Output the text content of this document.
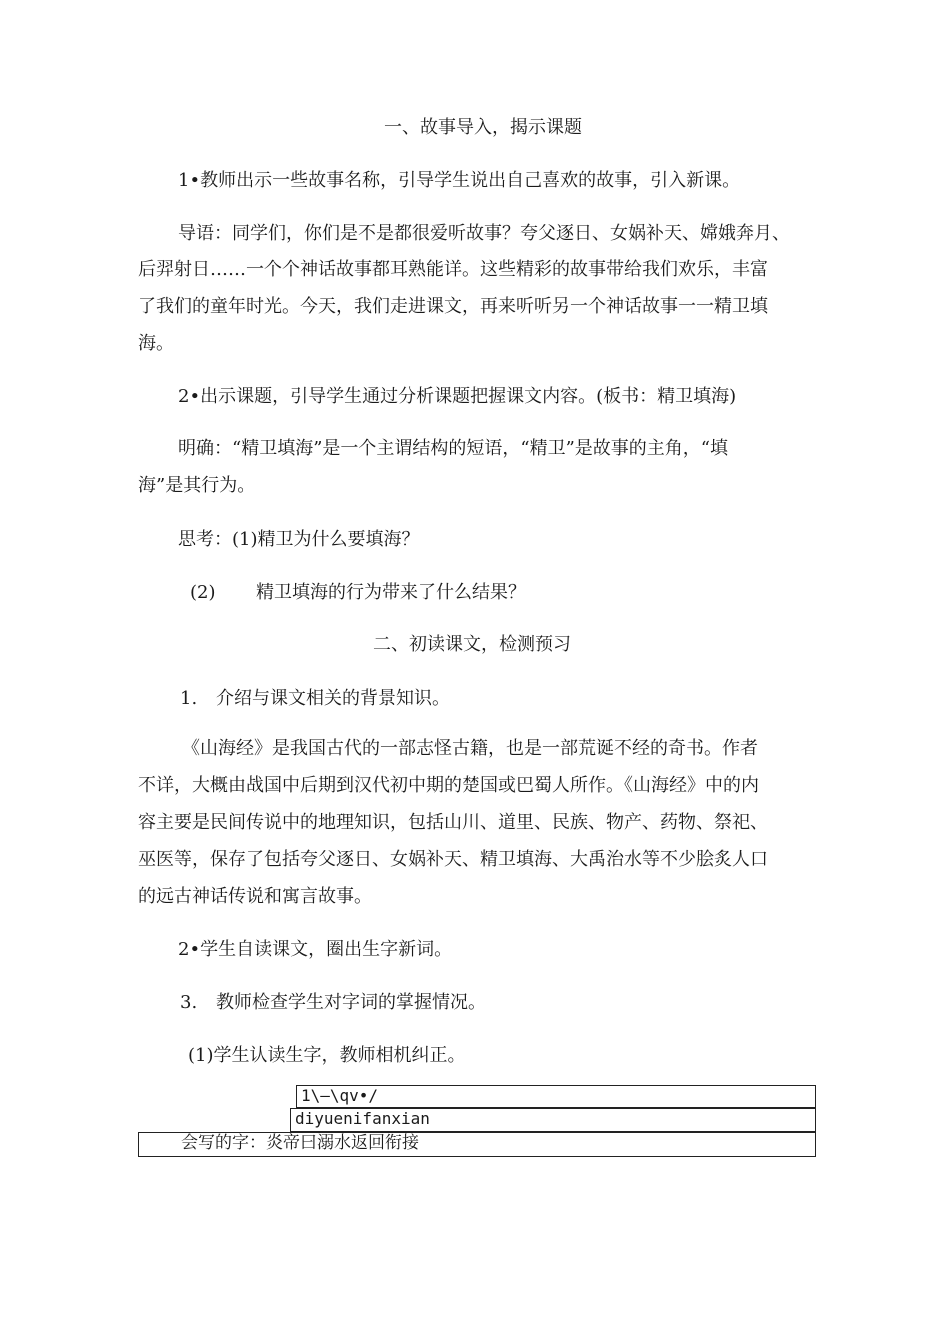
一、故事导入，揭示课题
1•教师出示一些故事名称，引导学生说出自己喜欢的故事，引入新课。
导语：同学们，你们是不是都很爱听故事？夸父逐日、女娲补天、嫦娥奔月、
后羿射日……一个个神话故事都耳熟能详。这些精彩的故事带给我们欢乐，丰富
了我们的童年时光。今天，我们走进课文，再来听听另一个神话故事一一精卫填
海。
2•出示课题，引导学生通过分析课题把握课文内容。(板书：精卫填海)
明确：“精卫填海”是一个主谓结构的短语，“精卫”是故事的主角，“填
海”是其行为。
思考：(1)精卫为什么要填海？
(2) 精卫填海的行为带来了什么结果？
二、初读课文，检测预习
1. 介绍与课文相关的背景知识。
《山海经》是我国古代的一部志怪古籍，也是一部荒诞不经的奇书。作者
不详，大概由战国中后期到汉代初中期的楚国或巴蜀人所作。《山海经》中的内
容主要是民间传说中的地理知识，包括山川、道里、民族、物产、药物、祭祀、
巫医等，保存了包括夸父逐日、女娲补天、精卫填海、大禹治水等不少脍炙人口
的远古神话传说和寓言故事。
2•学生自读课文，圈出生字新词。
3. 教师检查学生对字词的掌握情况。
(1)学生认读生字，教师相机纠正。
1\—\qv•/
diyuenifanxian
会写的字：炎帝曰溺水返回衔接
